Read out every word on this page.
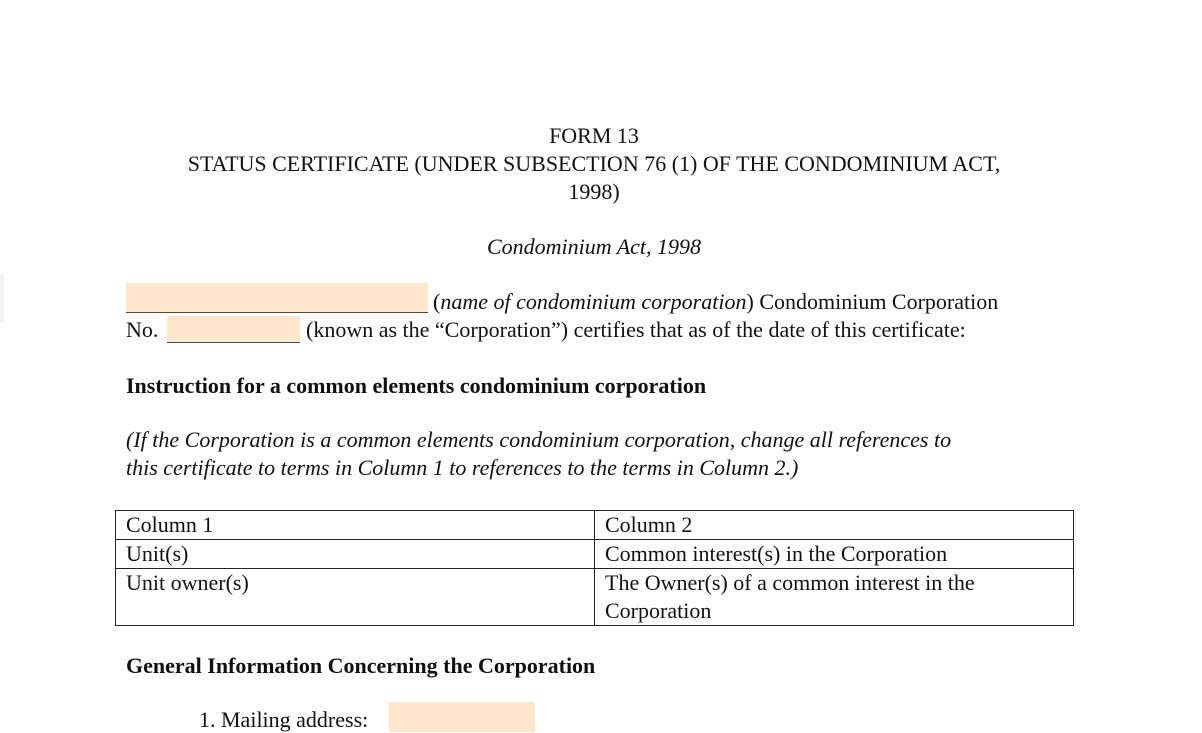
FORM 13
STATUS CERTIFICATE (UNDER SUBSECTION 76 (1) OF THE CONDOMINIUM ACT,
1998)
Condominium Act, 1998
(name of condominium corporation) Condominium Corporation
No.	(known as the “Corporation”) certifies that as of the date of this certificate:
Instruction for a common elements condominium corporation
(If the Corporation is a common elements condominium corporation, change all references to
this certificate to terms in Column 1 to references to the terms in Column 2.)
Column 1	Column 2
Unit(s)	Common interest(s) in the Corporation
Unit owner(s)	The Owner(s) of a common interest in the Corporation
General Information Concerning the Corporation
1. Mailing address:
